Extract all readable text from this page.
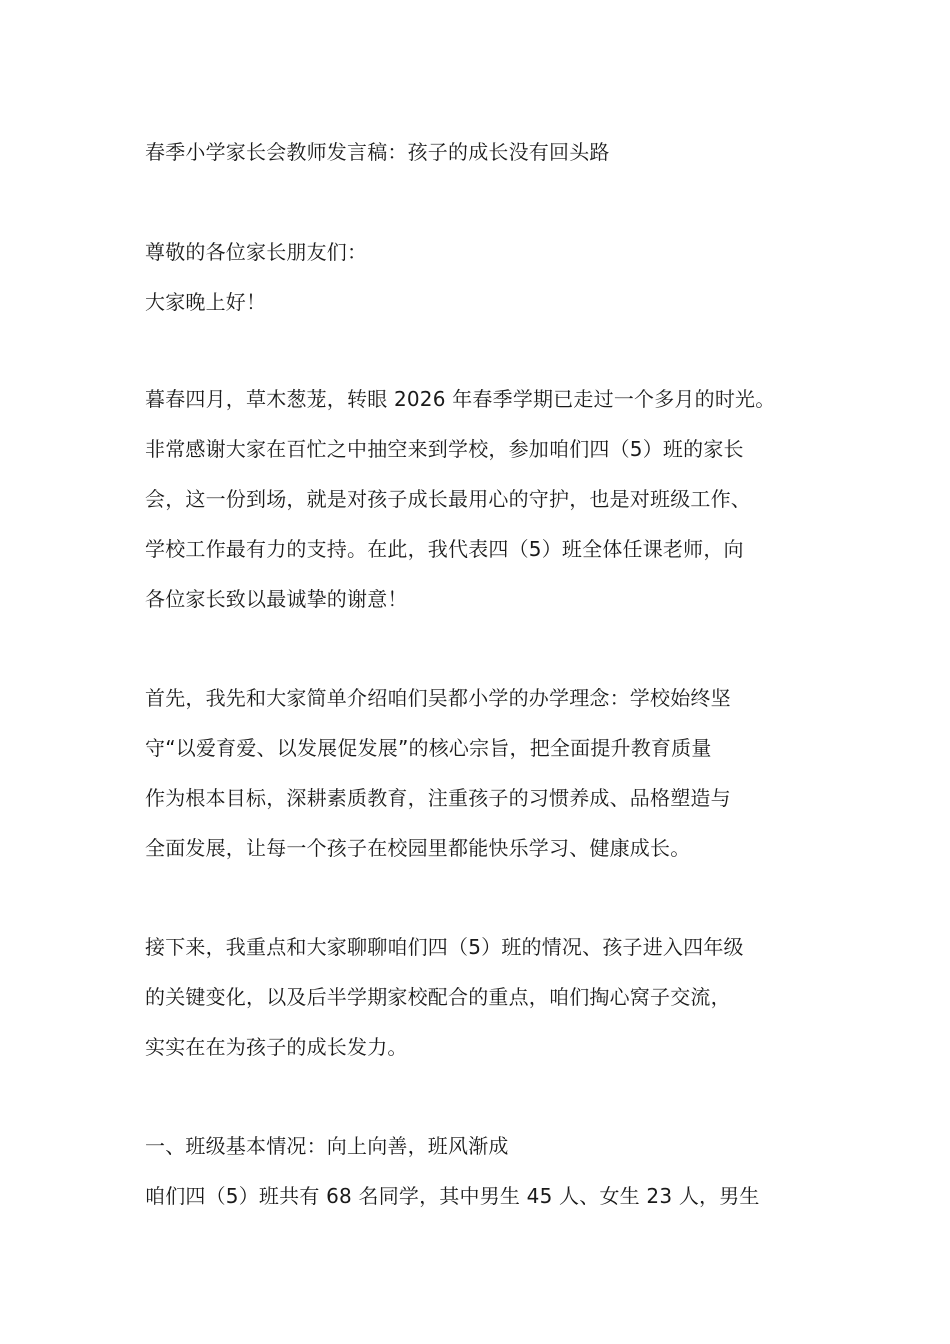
春季小学家长会教师发言稿：孩子的成长没有回头路
尊敬的各位家长朋友们：
大家晚上好！
暮春四月，草木葱茏，转眼 2026 年春季学期已走过一个多月的时光。
非常感谢大家在百忙之中抽空来到学校，参加咱们四（5）班的家长
会，这一份到场，就是对孩子成长最用心的守护，也是对班级工作、
学校工作最有力的支持。在此，我代表四（5）班全体任课老师，向
各位家长致以最诚挚的谢意！
首先，我先和大家简单介绍咱们吴都小学的办学理念：学校始终坚
守“以爱育爱、以发展促发展”的核心宗旨，把全面提升教育质量
作为根本目标，深耕素质教育，注重孩子的习惯养成、品格塑造与
全面发展，让每一个孩子在校园里都能快乐学习、健康成长。
接下来，我重点和大家聊聊咱们四（5）班的情况、孩子进入四年级
的关键变化，以及后半学期家校配合的重点，咱们掏心窝子交流，
实实在在为孩子的成长发力。
一、班级基本情况：向上向善，班风渐成
咱们四（5）班共有 68 名同学，其中男生 45 人、女生 23 人，男生
